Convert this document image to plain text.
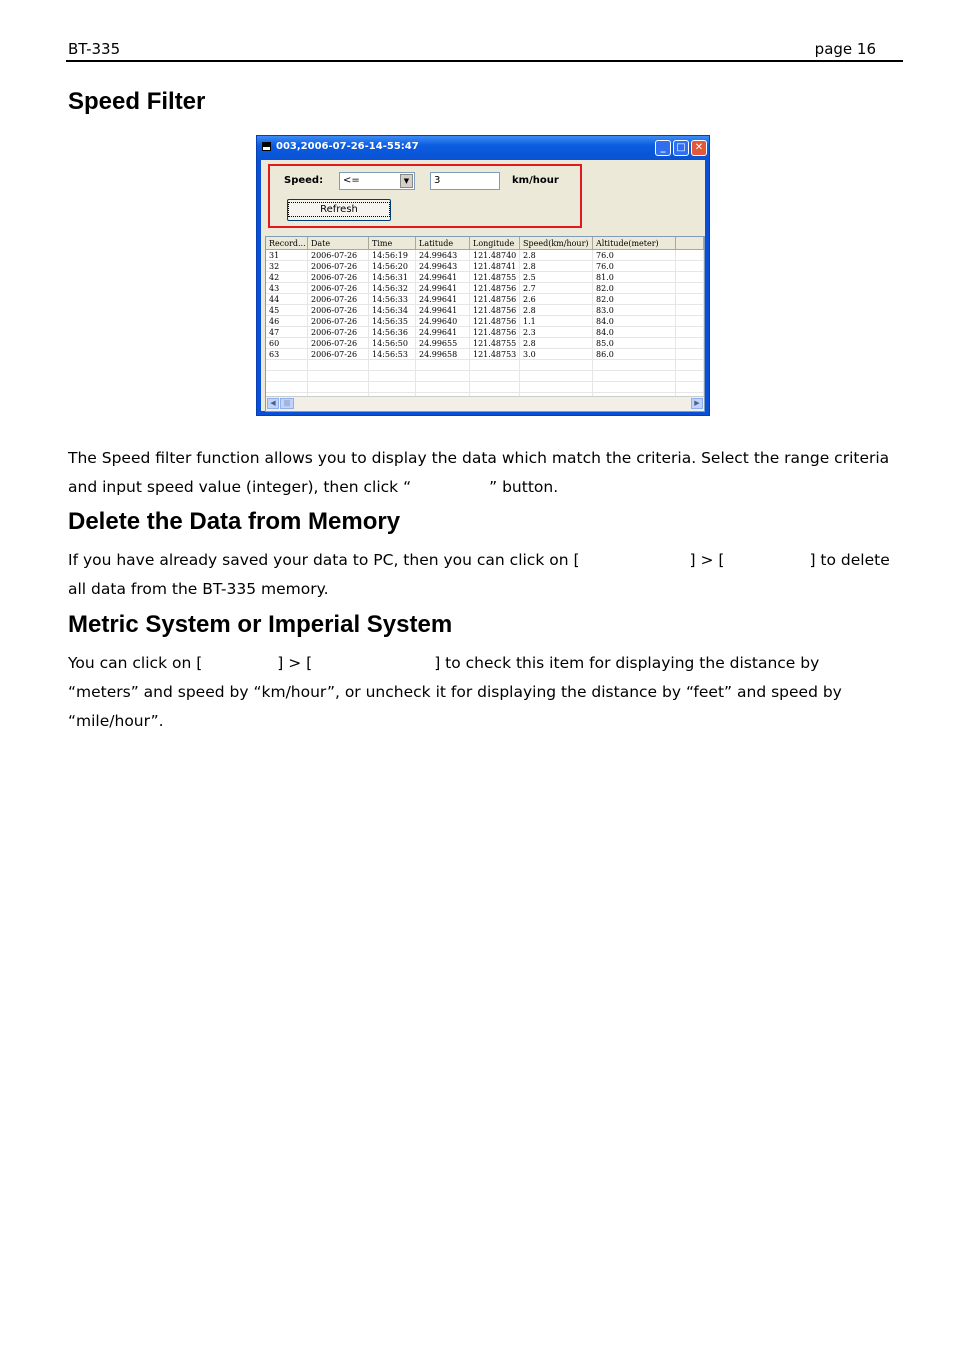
BT-335	page 16
Speed Filter
003,2006-07-26-14-55:47	_	□ ✕
Speed: <=	▼	3	km/hour
Refresh
Record...	Date	Time	Latitude	Longitude	Speed(km/hour)	Altitude(meter)	
31	2006-07-26	14:56:19	24.99643	121.48740	2.8	76.0	
32	2006-07-26	14:56:20	24.99643	121.48741	2.8	76.0	
42	2006-07-26	14:56:31	24.99641	121.48755	2.5	81.0	
43	2006-07-26	14:56:32	24.99641	121.48756	2.7	82.0	
44	2006-07-26	14:56:33	24.99641	121.48756	2.6	82.0	
45	2006-07-26	14:56:34	24.99641	121.48756	2.8	83.0	
46	2006-07-26	14:56:35	24.99640	121.48756	1.1	84.0	
47	2006-07-26	14:56:36	24.99641	121.48756	2.3	84.0	
60	2006-07-26	14:56:50	24.99655	121.48755	2.8	85.0	
63	2006-07-26	14:56:53	24.99658	121.48753	3.0	86.0	

◀	|||	▶

The Speed filter function allows you to display the data which match the criteria. Select the range criteria
and input speed value (integer), then click “	” button.

Delete the Data from Memory

If you have already saved your data to PC, then you can click on [	] > [	] to delete
all data from the BT-335 memory.

Metric System or Imperial System

You can click on [	] > [	] to check this item for displaying the distance by
“meters” and speed by “km/hour”, or uncheck it for displaying the distance by “feet” and speed by
“mile/hour”.
